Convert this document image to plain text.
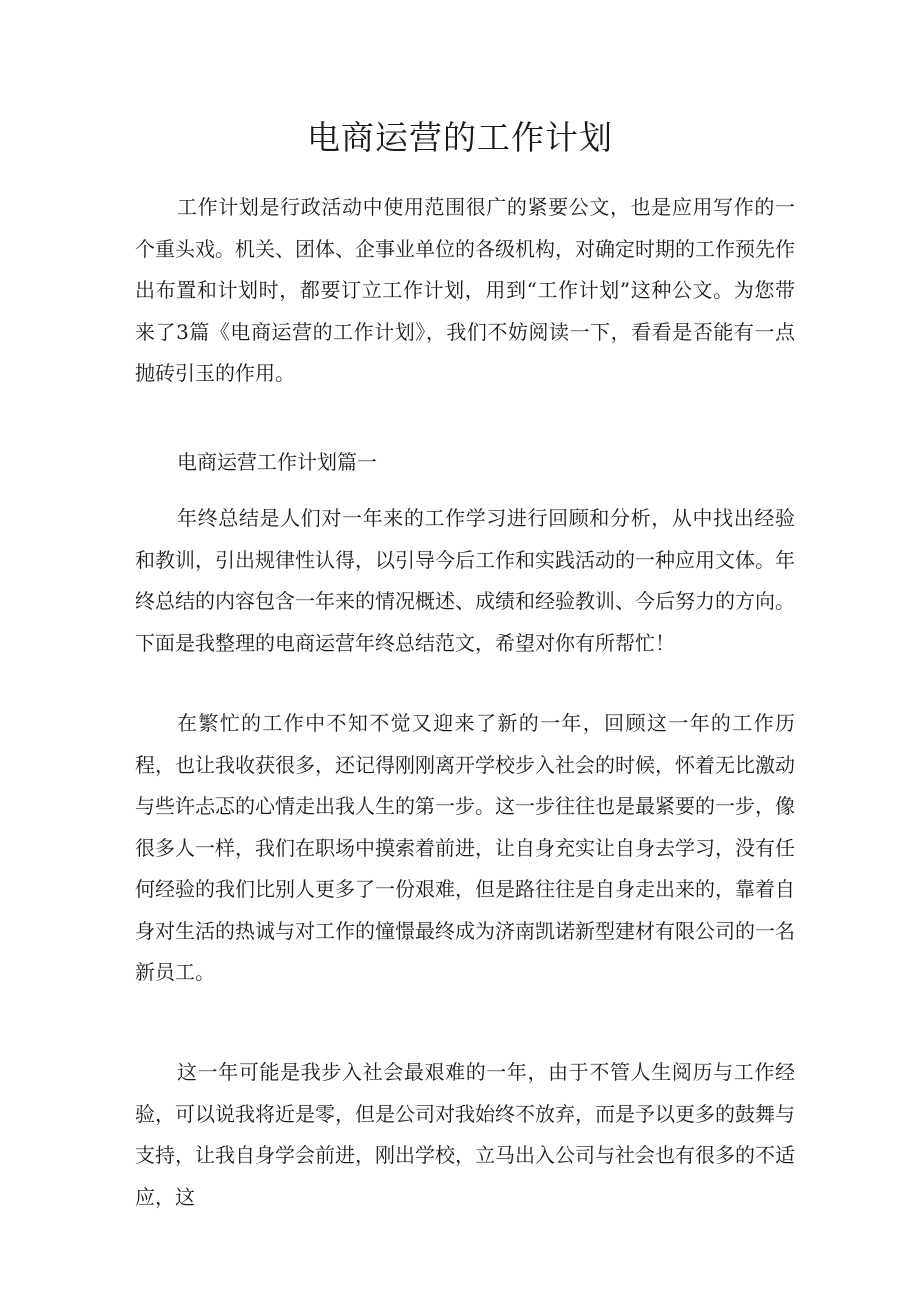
电商运营的工作计划

工作计划是行政活动中使用范围很广的紧要公文，也是应用写作的一个重头戏。机关、团体、企事业单位的各级机构，对确定时期的工作预先作出布置和计划时，都要订立工作计划，用到“工作计划”这种公文。为您带来了3篇《电商运营的工作计划》，我们不妨阅读一下，看看是否能有一点抛砖引玉的作用。

电商运营工作计划篇一

年终总结是人们对一年来的工作学习进行回顾和分析，从中找出经验和教训，引出规律性认得，以引导今后工作和实践活动的一种应用文体。年终总结的内容包含一年来的情况概述、成绩和经验教训、今后努力的方向。下面是我整理的电商运营年终总结范文，希望对你有所帮忙！

在繁忙的工作中不知不觉又迎来了新的一年，回顾这一年的工作历程，也让我收获很多，还记得刚刚离开学校步入社会的时候，怀着无比激动与些许忐忑的心情走出我人生的第一步。这一步往往也是最紧要的一步，像很多人一样，我们在职场中摸索着前进，让自身充实让自身去学习，没有任何经验的我们比别人更多了一份艰难，但是路往往是自身走出来的，靠着自身对生活的热诚与对工作的憧憬最终成为济南凯诺新型建材有限公司的一名新员工。

这一年可能是我步入社会最艰难的一年，由于不管人生阅历与工作经验，可以说我将近是零，但是公司对我始终不放弃，而是予以更多的鼓舞与支持，让我自身学会前进，刚出学校，立马出入公司与社会也有很多的不适应，这
